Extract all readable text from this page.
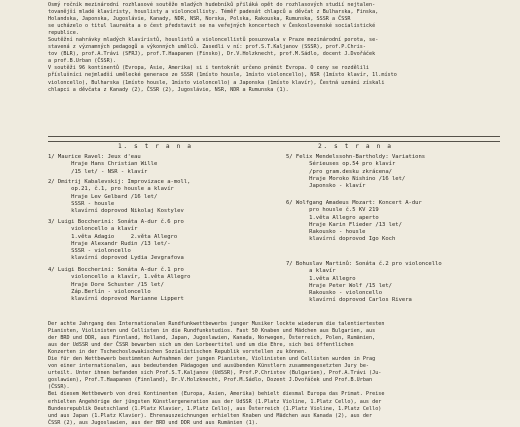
Osmý ročník mezinárodní rozhlasové soutěže mladých hudebníků přiláká opět do rozhlasových studií nejtalen-
tovanější mladé klavíristy, houslisty a violoncellisty. Téměř padesát chlapců a děvčat z Bulharska, Finska,
Holandska, Japonska, Jugoslávie, Kanady, NDR, NSR, Norska, Polska, Rakouska, Rumunska, SSSR a ČSSR
se ucházelo o titul laureáta a o čest představit se na veřejných koncertech v Československé socialistické
republice.
Soutěžní nahrávky mladých klavíristů, houslistů a violoncellistů posuzovala v Praze mezinárodní porota, se-
stavená z významných pedagogů a výkonných umělců. Zasedli v ní: prof.S.T.Kaljanov (SSSR), prof.P.Chris-
tov (BLR), prof.A.Trávi (SFRJ), prof.T.Haapanen (Finsko), Dr.V.Holzknecht, prof.M.Sádlo, docent J.Dvořáček
a prof.B.Urban (ČSSR).
V soutěži 96 kontinentů (Evropa, Asie, Amerika) si i tentokrát určeno prémit Evropa. O ceny se rozdělili
příslušníci nejmladší umělecké generace ze SSSR (1místo housle, 1místo violoncello), NSR (1místo klavír, 1l.místo
violoncello), Bulharska (1místo housle, 1místo violoncello) a Japonska (1místo klavír), Čestná uznání získali
chlapci a děvčata z Kanady (2), ČSSR (2), Jugoslávie, NSR, NDR a Rumunska (1).
1. s t r a n a	2. s t r a n a
1/ Maurice Ravel: Jeux d'eau
Hraje Hans Christian Wille
/15 let/ - NSR - klavír
2/ Dmitrij Kabalevskij: Improvizace a-moll,
op.21, č.1, pro housle a klavír
Hraje Lev Gelbard /16 let/
SSSR - housle
klavírní doprovod Nikolaj Kostylev
3/ Luigi Boccherini: Sonáta A-dur č.6 pro
violoncello a klavír
1.věta Adagio     2.věta Allegro
Hraje Alexandr Rudin /13 let/-
SSSR - violoncello
klavírní doprovod Lydia Jevgrafova
4/ Luigi Boccherini: Sonáta A-dur č.1 pro
violoncello a klavír, 1.věta Allegro
Hraje Dore Schuster /15 let/
Záp.Berlín - violoncello
klavírní doprovod Marianne Lippert
5/ Felix Mendelssohn-Bartholdy: Variations
Sérieuses op.54 pro klavír
/pro gram.desku zkrácena/
Hraje Moroko Nishino /16 let/
Japonsko - klavír
6/ Wolfgang Amadeus Mozart: Koncert A-dur
pro housle č.5 KV 219
1.věta Allegro aperto
Hraje Karin Flieder /13 let/
Rakousko - housle
klavírní doprovod Igo Koch
7/ Bohuslav Martinů: Sonáta č.2 pro violoncello
a klavír
1.věta Allegro
Hraje Peter Wolf /15 let/
Rakousko - violoncello
klavírní doprovod Carlos Rivera
Der achte Jahrgang des Internationalen Rundfunkwettbewerbs junger Musiker lockte wiederum die talentiertesten
Pianisten, Violinisten und Cellisten in die Rundfunkstudios. Fast 50 Knaben und Mädchen aus Bulgarien, aus
der BRD und DDR, aus Finnland, Holland, Japan, Jugoslawien, Kanada, Norwegen, Österreich, Polen, Rumänien,
aus der UdSSR und der ČSSR bewarben sich um den Lorbeertitel und um die Ehre, sich bei öffentlichen
Konzerten in der Tschechoslowakischen Sozialistischen Republik vorstellen zu können.
Die für den Wettbewerb bestimmten Aufnahmen der jungen Pianisten, Violinisten und Cellisten wurden in Prag
von einer internationalen, aus bedeutenden Pädagogen und ausübenden Künstlern zusammengesetzten Jury be-
urteilt. Unter ihnen befanden sich Prof.S.T.Kaljanov (UdSSR), Prof.P.Christov (Bulgarien), Prof.A.Trávi (Ju-
goslawien), Prof.T.Haapanen (Finnland), Dr.V.Holzknecht, Prof.M.Sádlo, Dozent J.Dvořáček und Prof.B.Urban
(ČSSR).
Bei diesem Wettbewerb von drei Kontinenten (Europa, Asien, Amerika) behielt diesmal Europa das Primat. Preise
erhielten Angehörige der jüngsten Künstlergeneration aus der UdSSR (1.Platz Violine, 1.Platz Cello), aus der
Bundesrepublik Deutschland (1.Platz Klavier, 1.Platz Cello), aus Österreich (1.Platz Violine, 1.Platz Cello)
und aus Japan (1.Platz Klavier). Ehrenauszeichnungen erhielten Knaben und Mädchen aus Kanada (2), aus der
ČSSR (2), aus Jugoslawien, aus der BRD und DDR und aus Rumänien (1).
